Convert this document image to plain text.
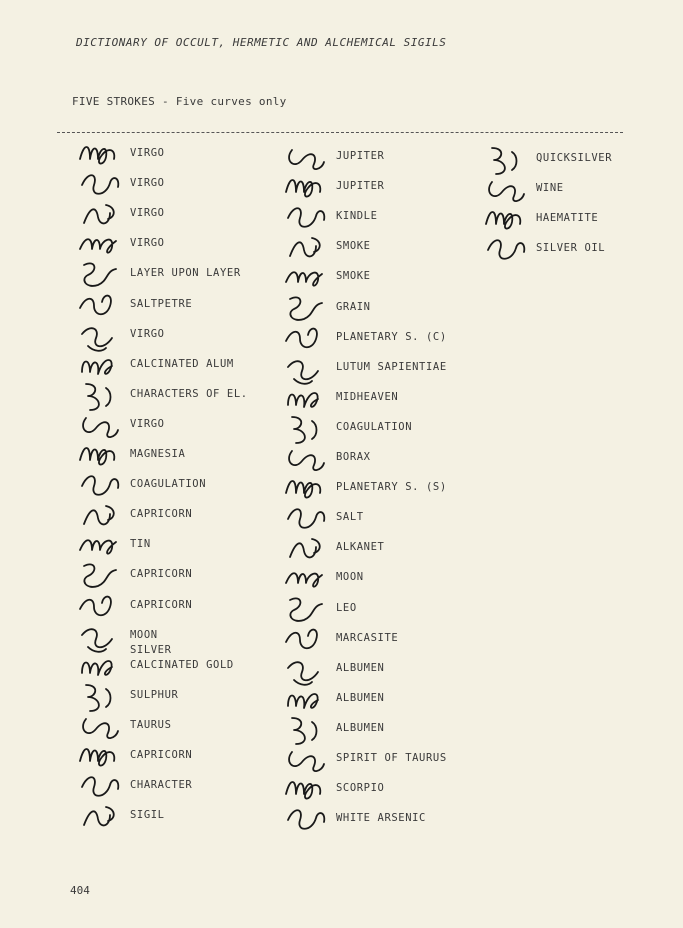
DICTIONARY OF OCCULT, HERMETIC AND ALCHEMICAL SIGILS
FIVE STROKES - Five curves only
VIRGO
VIRGO
VIRGO
VIRGO
LAYER UPON LAYER
SALTPETRE
VIRGO
CALCINATED ALUM
CHARACTERS OF EL.
VIRGO
MAGNESIA
COAGULATION
CAPRICORN
TIN
CAPRICORN
CAPRICORN
MOON
SILVER
CALCINATED GOLD
SULPHUR
TAURUS
CAPRICORN
CHARACTER
SIGIL
JUPITER
JUPITER
KINDLE
SMOKE
SMOKE
GRAIN
PLANETARY S. (C)
LUTUM SAPIENTIAE
MIDHEAVEN
COAGULATION
BORAX
PLANETARY S. (S)
SALT
ALKANET
MOON
LEO
MARCASITE
ALBUMEN
ALBUMEN
ALBUMEN
SPIRIT OF TAURUS
SCORPIO
WHITE ARSENIC
QUICKSILVER
WINE
HAEMATITE
SILVER OIL
404
